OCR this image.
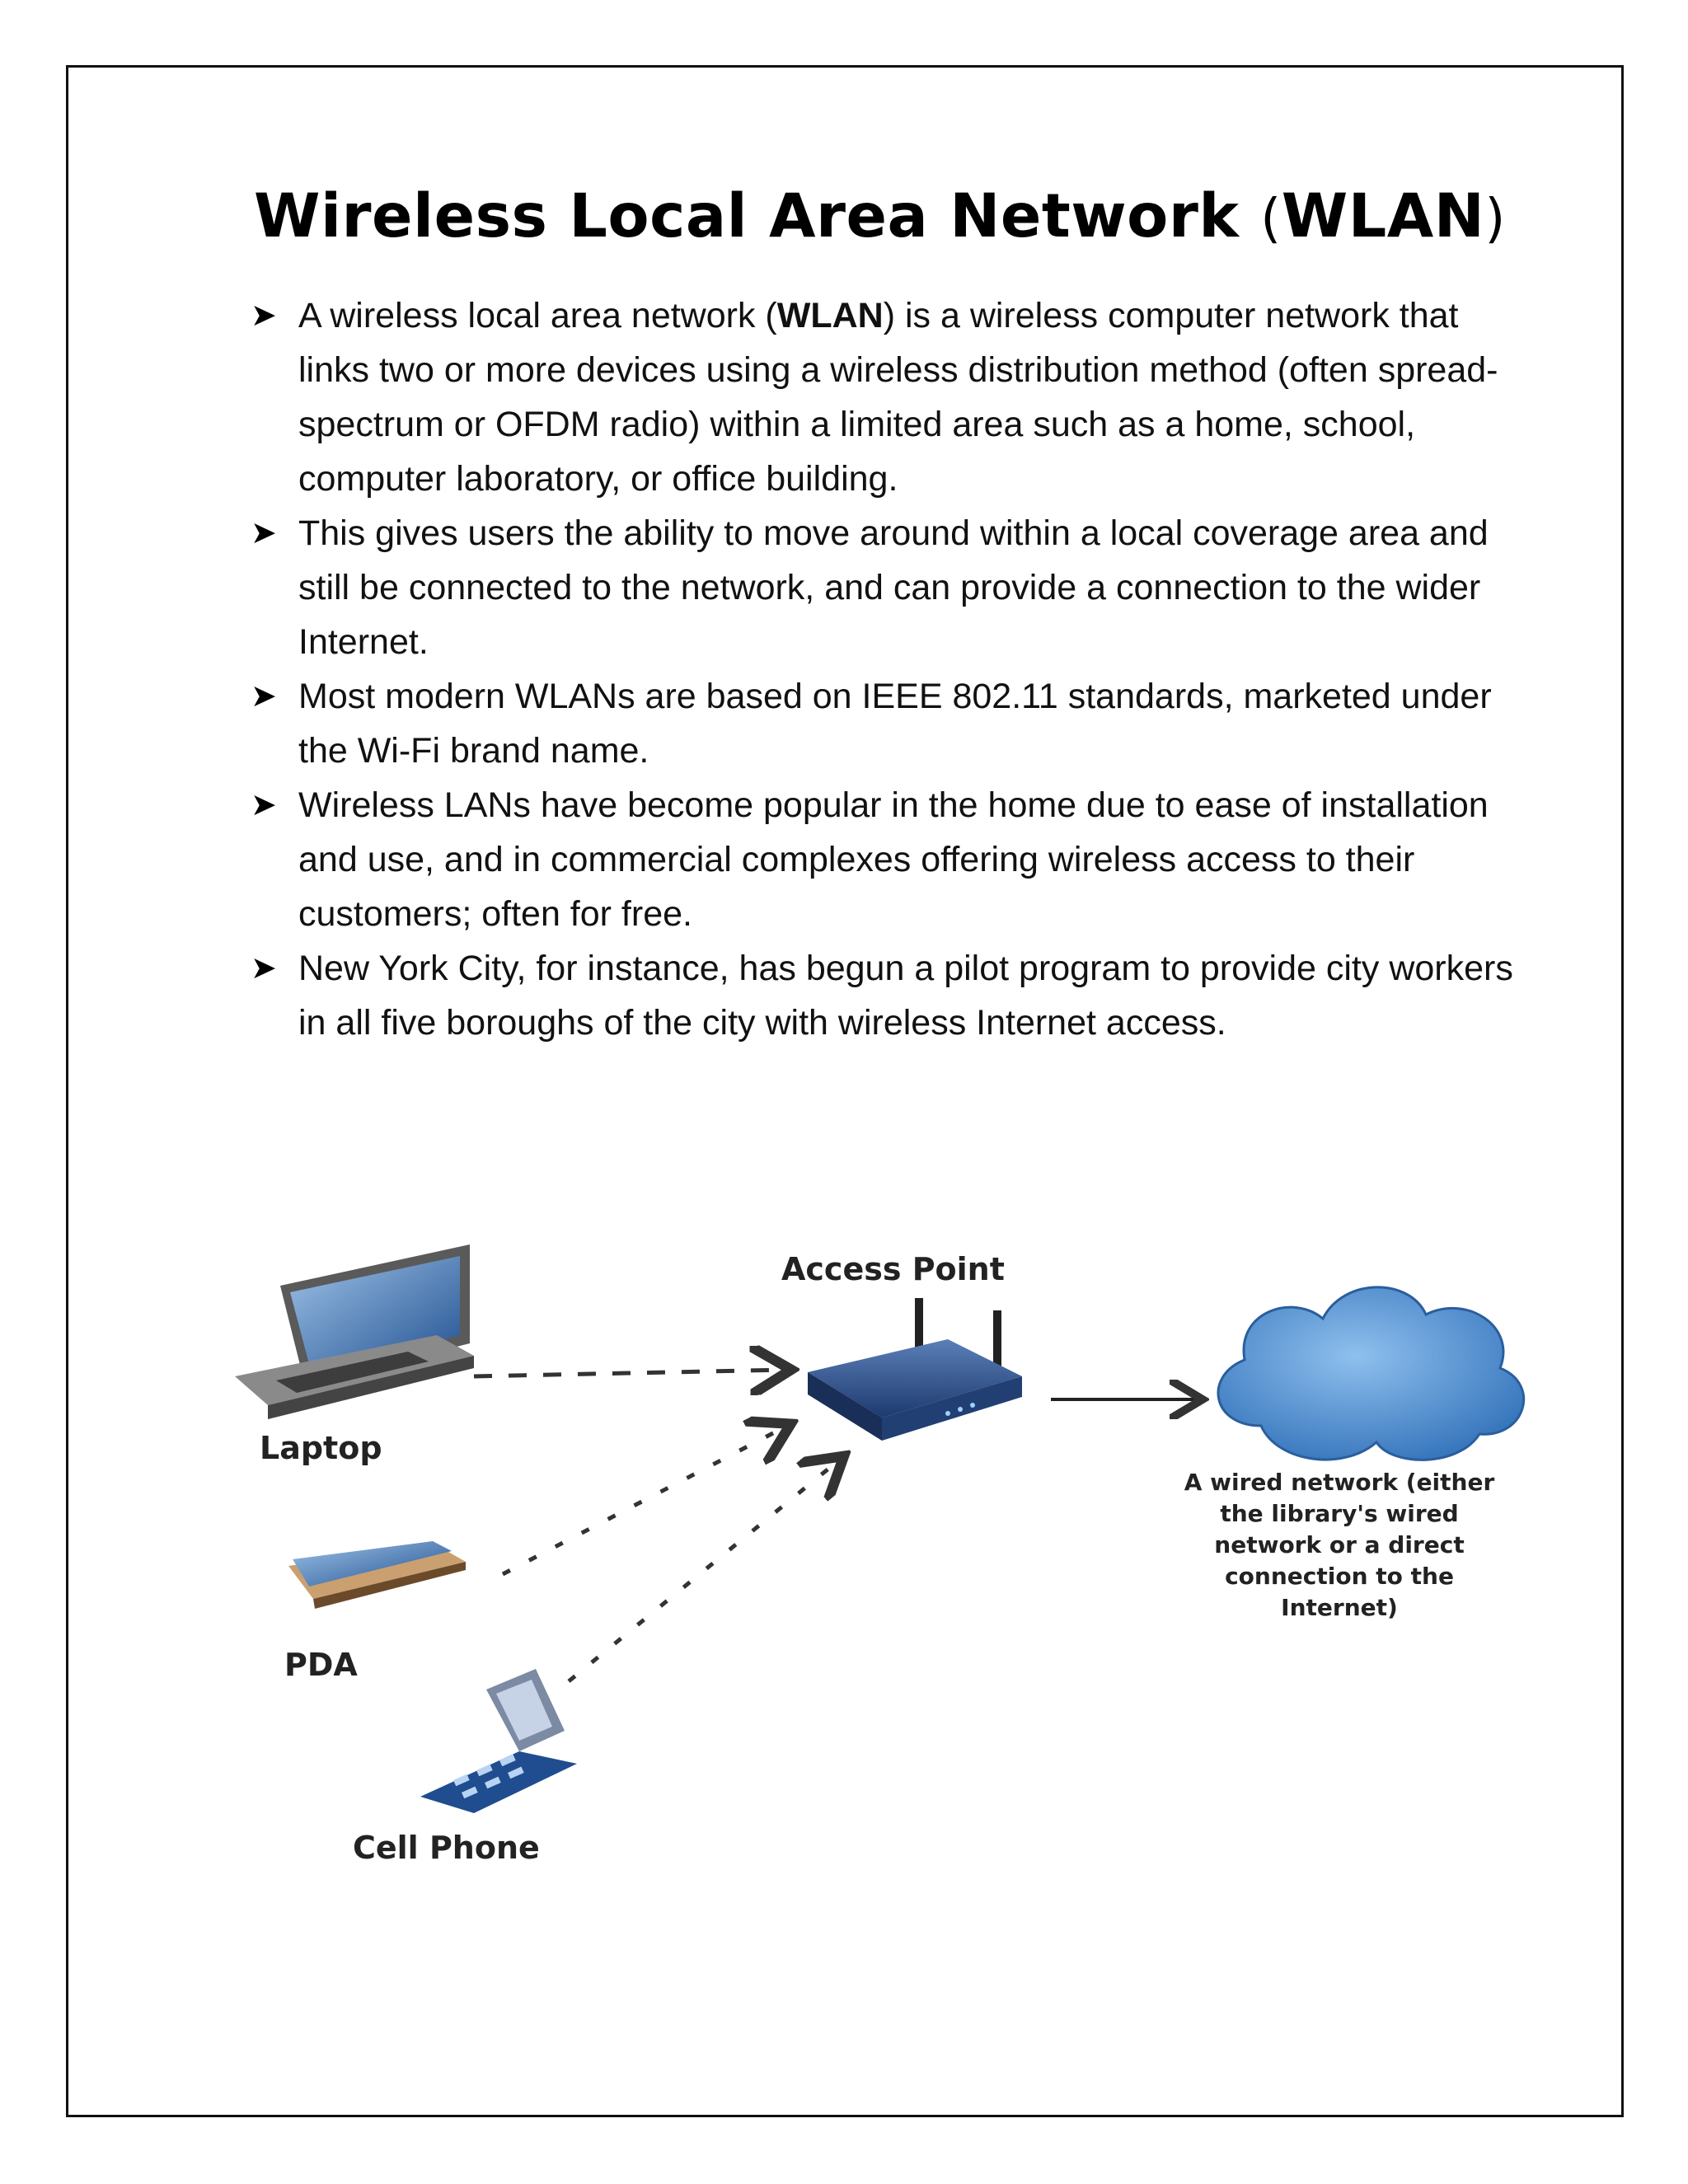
Wireless Local Area Network (WLAN)
➤ A wireless local area network (WLAN) is a wireless computer network that links two or more devices using a wireless distribution method (often spread-spectrum or OFDM radio) within a limited area such as a home, school, computer laboratory, or office building.
➤ This gives users the ability to move around within a local coverage area and still be connected to the network, and can provide a connection to the wider Internet.
➤ Most modern WLANs are based on IEEE 802.11 standards, marketed under the Wi-Fi brand name.
➤ Wireless LANs have become popular in the home due to ease of installation and use, and in commercial complexes offering wireless access to their customers; often for free.
➤ New York City, for instance, has begun a pilot program to provide city workers in all five boroughs of the city with wireless Internet access.
Access Point
Laptop
PDA
Cell Phone
A wired network (either
the library's wired
network or a direct
connection to the
Internet)
